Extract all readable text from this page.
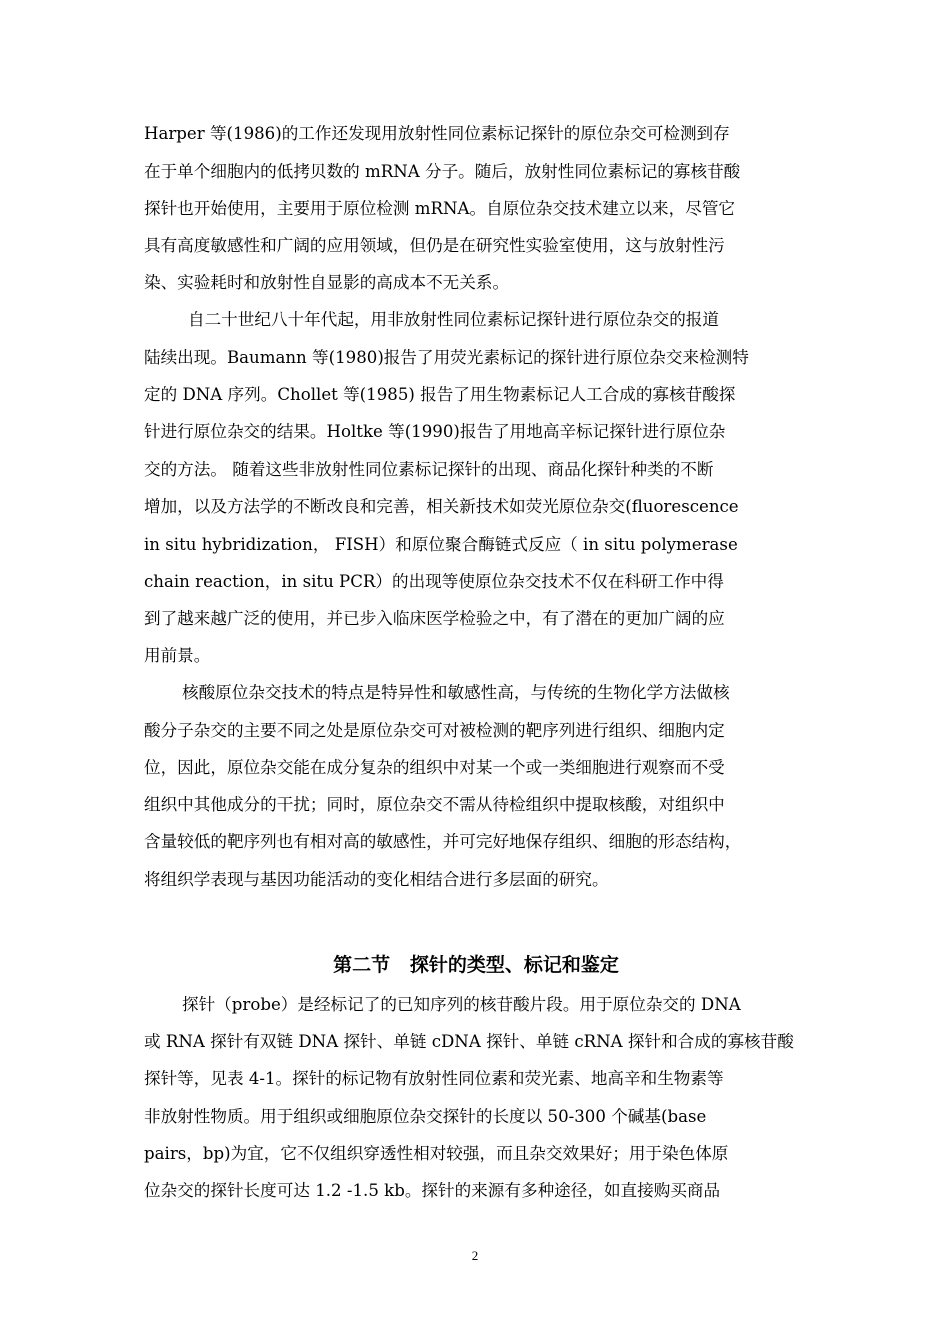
Harper 等(1986)的工作还发现用放射性同位素标记探针的原位杂交可检测到存
在于单个细胞内的低拷贝数的 mRNA 分子。随后，放射性同位素标记的寡核苷酸
探针也开始使用，主要用于原位检测 mRNA。自原位杂交技术建立以来，尽管它
具有高度敏感性和广阔的应用领域，但仍是在研究性实验室使用，这与放射性污
染、实验耗时和放射性自显影的高成本不无关系。
自二十世纪八十年代起，用非放射性同位素标记探针进行原位杂交的报道
陆续出现。Baumann 等(1980)报告了用荧光素标记的探针进行原位杂交来检测特
定的 DNA 序列。Chollet 等(1985) 报告了用生物素标记人工合成的寡核苷酸探
针进行原位杂交的结果。Holtke 等(1990)报告了用地高辛标记探针进行原位杂
交的方法。 随着这些非放射性同位素标记探针的出现、商品化探针种类的不断
增加，以及方法学的不断改良和完善，相关新技术如荧光原位杂交(fluorescence
in situ hybridization， FISH）和原位聚合酶链式反应（ in situ polymerase
chain reaction，in situ PCR）的出现等使原位杂交技术不仅在科研工作中得
到了越来越广泛的使用，并已步入临床医学检验之中，有了潜在的更加广阔的应
用前景。
核酸原位杂交技术的特点是特异性和敏感性高，与传统的生物化学方法做核
酸分子杂交的主要不同之处是原位杂交可对被检测的靶序列进行组织、细胞内定
位，因此，原位杂交能在成分复杂的组织中对某一个或一类细胞进行观察而不受
组织中其他成分的干扰；同时，原位杂交不需从待检组织中提取核酸，对组织中
含量较低的靶序列也有相对高的敏感性，并可完好地保存组织、细胞的形态结构，
将组织学表现与基因功能活动的变化相结合进行多层面的研究。
第二节   探针的类型、标记和鉴定
探针（probe）是经标记了的已知序列的核苷酸片段。用于原位杂交的 DNA
或 RNA 探针有双链 DNA 探针、单链 cDNA 探针、单链 cRNA 探针和合成的寡核苷酸
探针等，见表 4-1。探针的标记物有放射性同位素和荧光素、地高辛和生物素等
非放射性物质。用于组织或细胞原位杂交探针的长度以 50-300 个碱基(base
pairs，bp)为宜，它不仅组织穿透性相对较强，而且杂交效果好；用于染色体原
位杂交的探针长度可达 1.2 -1.5 kb。探针的来源有多种途径，如直接购买商品
2
